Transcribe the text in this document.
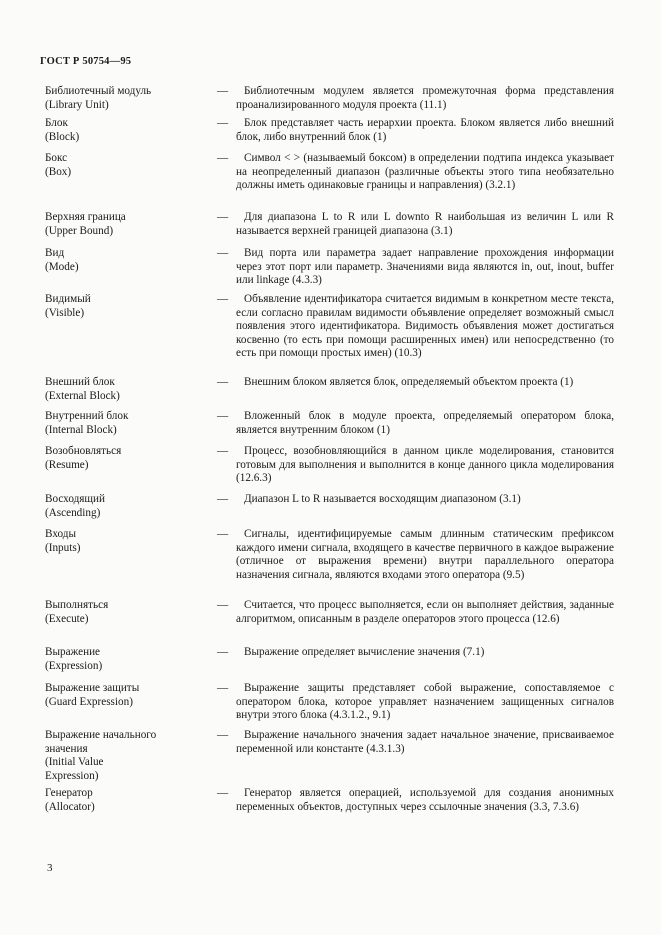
ГОСТ Р 50754—95
Библиотечный модуль
(Library Unit)
—	Библиотечным модулем является промежуточная форма представления проанализированного модуля проекта (11.1)
Блок
(Block)
—	Блок представляет часть иерархии проекта. Блоком является либо внешний блок, либо внутренний блок (1)
Бокс
(Box)
—	Символ < > (называемый боксом) в определении подтипа индекса указывает на неопределенный диапазон (различные объекты этого типа необязательно должны иметь одинаковые границы и направления) (3.2.1)
Верхняя граница
(Upper Bound)
—	Для диапазона L to R или L downto R наибольшая из величин L или R называется верхней границей диапазона (3.1)
Вид
(Mode)
—	Вид порта или параметра задает направление прохождения информации через этот порт или параметр. Значениями вида являются in, out, inout, buffer или linkage (4.3.3)
Видимый
(Visible)
—	Объявление идентификатора считается видимым в конкретном месте текста, если согласно правилам видимости объявление определяет возможный смысл появления этого идентификатора. Видимость объявления может достигаться косвенно (то есть при помощи расширенных имен) или непосредственно (то есть при помощи простых имен) (10.3)
Внешний блок
(External Block)
—	Внешним блоком является блок, определяемый объектом проекта (1)
Внутренний блок
(Internal Block)
—	Вложенный блок в модуле проекта, определяемый оператором блока, является внутренним блоком (1)
Возобновляться
(Resume)
—	Процесс, возобновляющийся в данном цикле моделирования, становится готовым для выполнения и выполнится в конце данного цикла моделирования (12.6.3)
Восходящий
(Ascending)
—	Диапазон L to R называется восходящим диапазоном (3.1)
Входы
(Inputs)
—	Сигналы, идентифицируемые самым длинным статическим префиксом каждого имени сигнала, входящего в качестве первичного в каждое выражение (отличное от выражения времени) внутри параллельного оператора назначения сигнала, являются входами этого оператора (9.5)
Выполняться
(Execute)
—	Считается, что процесс выполняется, если он выполняет действия, заданные алгоритмом, описанным в разделе операторов этого процесса (12.6)
Выражение
(Expression)
—	Выражение определяет вычисление значения (7.1)
Выражение защиты
(Guard Expression)
—	Выражение защиты представляет собой выражение, сопоставляемое с оператором блока, которое управляет назначением защищенных сигналов внутри этого блока (4.3.1.2., 9.1)
Выражение начального
значения
(Initial Value
Expression)
—	Выражение начального значения задает начальное значение, присваиваемое переменной или константе (4.3.1.3)
Генератор
(Allocator)
—	Генератор является операцией, используемой для создания анонимных переменных объектов, доступных через ссылочные значения (3.3, 7.3.6)
3
